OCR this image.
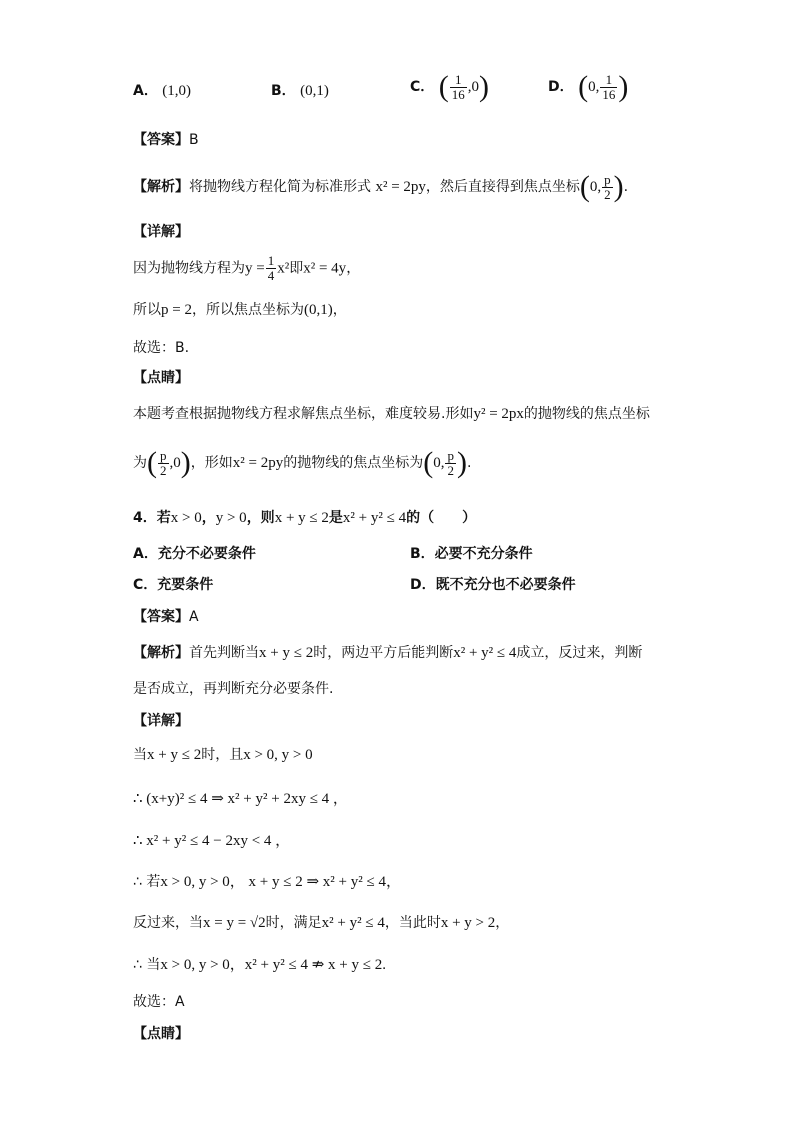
A． (1,0)	B． (0,1)	C． ( $\frac{1}{16} ,0$)	D． (0, $\frac{1}{16}$ )
【答案】B
【解析】将抛物线方程化简为标准形式 x² = 2py，然后直接得到焦点坐标(0, $\frac{p}{2}$ ).
【详解】
因为抛物线方程为$y = \frac{1}{4} x^2$即x² = 4y，
所以p = 2，所以焦点坐标为(0,1)，
故选：B.
【点睛】
本题考查根据抛物线方程求解焦点坐标，难度较易.形如y² = 2px的抛物线的焦点坐标
为( $\frac{p}{2} ,0$)，形如x² = 2py的抛物线的焦点坐标为(0, $\frac{p}{2}$ ).
4．若x > 0，y > 0，则x + y ≤ 2是x² + y² ≤ 4的（　　）
A．充分不必要条件	B．必要不充分条件
C．充要条件	D．既不充分也不必要条件
【答案】A
【解析】首先判断当x + y ≤ 2时，两边平方后能判断x² + y² ≤ 4成立，反过来，判断
是否成立，再判断充分必要条件.
【详解】
当x + y ≤ 2时，且x > 0, y > 0
∴ (x+y)² ≤ 4 ⇒ x² + y² + 2xy ≤ 4 ，
∴ x² + y² ≤ 4 − 2xy < 4 ，
∴ 若x > 0, y > 0， x + y ≤ 2 ⇒ x² + y² ≤ 4，
反过来，当x = y = √2时，满足x² + y² ≤ 4，当此时x + y > 2，
∴ 当x > 0, y > 0，x² + y² ≤ 4 ⇏ x + y ≤ 2.
故选：A
【点睛】
